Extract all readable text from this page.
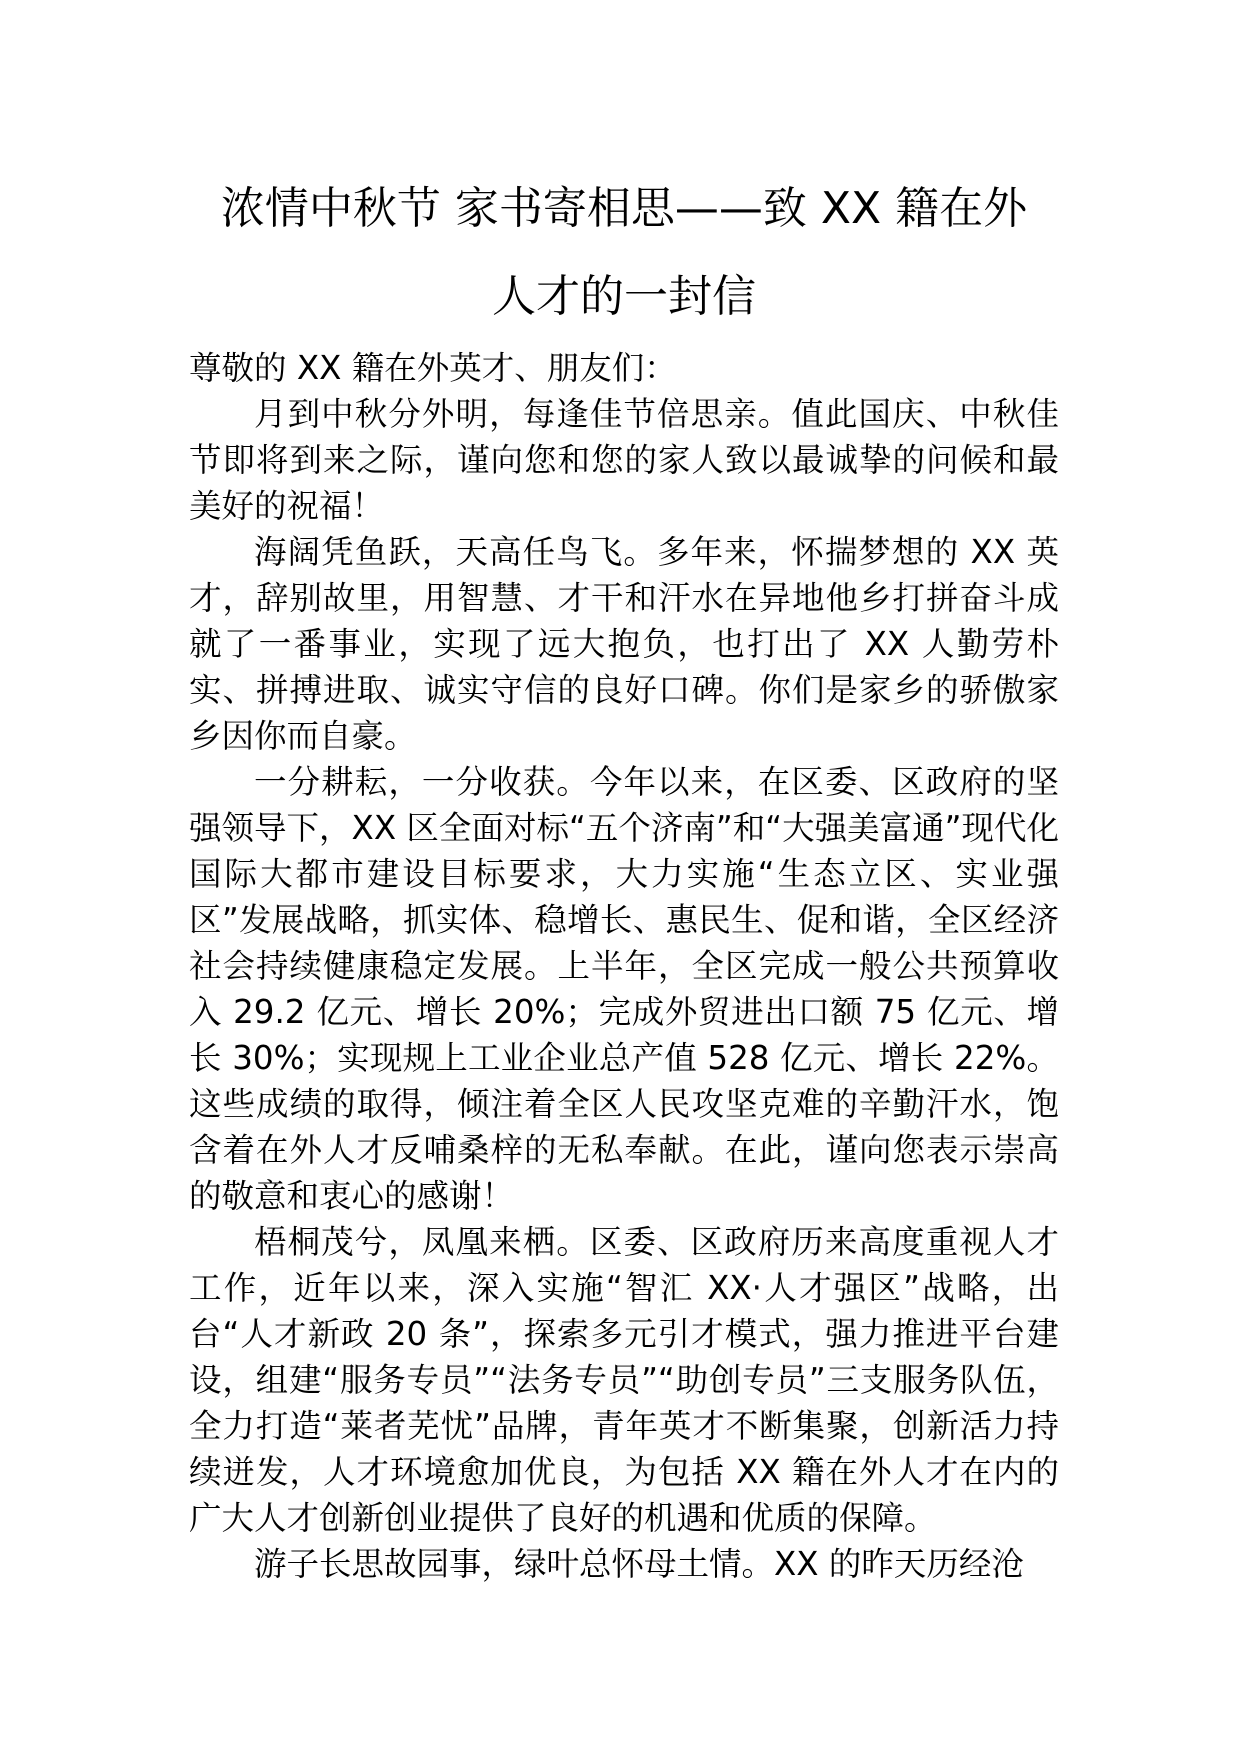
浓情中秋节 家书寄相思——致 XX 籍在外
人才的一封信

尊敬的 XX 籍在外英才、朋友们：

月到中秋分外明，每逢佳节倍思亲。值此国庆、中秋佳节即将到来之际，谨向您和您的家人致以最诚挚的问候和最美好的祝福！

海阔凭鱼跃，天高任鸟飞。多年来，怀揣梦想的 XX 英才，辞别故里，用智慧、才干和汗水在异地他乡打拼奋斗成就了一番事业，实现了远大抱负，也打出了 XX 人勤劳朴实、拼搏进取、诚实守信的良好口碑。你们是家乡的骄傲家乡因你而自豪。

一分耕耘，一分收获。今年以来，在区委、区政府的坚强领导下，XX 区全面对标“五个济南”和“大强美富通”现代化国际大都市建设目标要求，大力实施“生态立区、实业强区”发展战略，抓实体、稳增长、惠民生、促和谐，全区经济社会持续健康稳定发展。上半年，全区完成一般公共预算收入 29.2 亿元、增长 20%；完成外贸进出口额 75 亿元、增长 30%；实现规上工业企业总产值 528 亿元、增长 22%。这些成绩的取得，倾注着全区人民攻坚克难的辛勤汗水，饱含着在外人才反哺桑梓的无私奉献。在此，谨向您表示崇高的敬意和衷心的感谢！

梧桐茂兮，凤凰来栖。区委、区政府历来高度重视人才工作，近年以来，深入实施“智汇 XX·人才强区”战略，出台“人才新政 20 条”，探索多元引才模式，强力推进平台建设，组建“服务专员”“法务专员”“助创专员”三支服务队伍，全力打造“莱者芜忧”品牌，青年英才不断集聚，创新活力持续迸发，人才环境愈加优良，为包括 XX 籍在外人才在内的广大人才创新创业提供了良好的机遇和优质的保障。

游子长思故园事，绿叶总怀母土情。XX 的昨天历经沧
